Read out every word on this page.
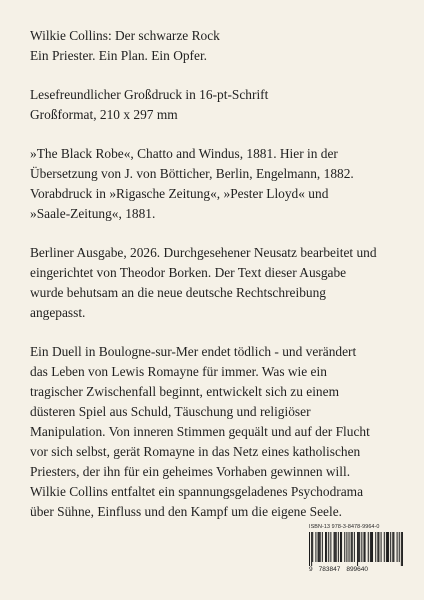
Wilkie Collins: Der schwarze Rock

Ein Priester. Ein Plan. Ein Opfer.

Lesefreundlicher Großdruck in 16-pt-Schrift

Großformat, 210 x 297 mm

»The Black Robe«, Chatto and Windus, 1881. Hier in der

Übersetzung von J. von Bötticher, Berlin, Engelmann, 1882.

Vorabdruck in »Rigasche Zeitung«, »Pester Lloyd« und

»Saale-Zeitung«, 1881.

Berliner Ausgabe, 2026. Durchgesehener Neusatz bearbeitet und

eingerichtet von Theodor Borken. Der Text dieser Ausgabe

wurde behutsam an die neue deutsche Rechtschreibung

angepasst.

Ein Duell in Boulogne-sur-Mer endet tödlich - und verändert

das Leben von Lewis Romayne für immer. Was wie ein

tragischer Zwischenfall beginnt, entwickelt sich zu einem

düsteren Spiel aus Schuld, Täuschung und religiöser

Manipulation. Von inneren Stimmen gequält und auf der Flucht

vor sich selbst, gerät Romayne in das Netz eines katholischen

Priesters, der ihn für ein geheimes Vorhaben gewinnen will.

Wilkie Collins entfaltet ein spannungsgeladenes Psychodrama

über Sühne, Einfluss und den Kampf um die eigene Seele.

ISBN-13 978-3-8478-9964-0
9 783847 899640
